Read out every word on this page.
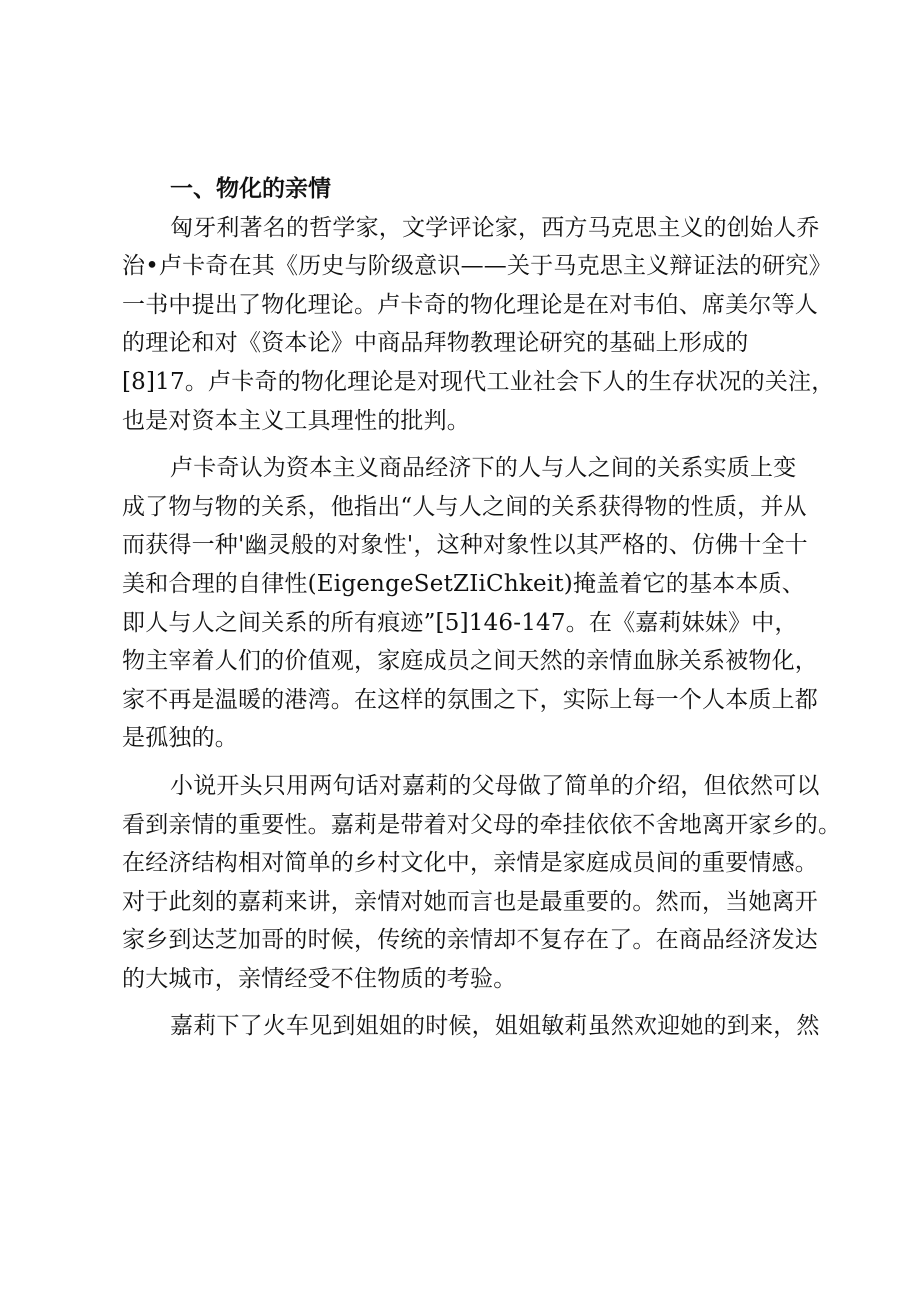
一、物化的亲情
匈牙利著名的哲学家，文学评论家，西方马克思主义的创始人乔
治•卢卡奇在其《历史与阶级意识——关于马克思主义辩证法的研究》
一书中提出了物化理论。卢卡奇的物化理论是在对韦伯、席美尔等人
的理论和对《资本论》中商品拜物教理论研究的基础上形成的
[8]17。卢卡奇的物化理论是对现代工业社会下人的生存状况的关注，
也是对资本主义工具理性的批判。
卢卡奇认为资本主义商品经济下的人与人之间的关系实质上变
成了物与物的关系，他指出“人与人之间的关系获得物的性质，并从
而获得一种'幽灵般的对象性'，这种对象性以其严格的、仿佛十全十
美和合理的自律性(EigengeSetZIiChkeit)掩盖着它的基本本质、
即人与人之间关系的所有痕迹”[5]146-147。在《嘉莉妹妹》中，
物主宰着人们的价值观，家庭成员之间天然的亲情血脉关系被物化，
家不再是温暖的港湾。在这样的氛围之下，实际上每一个人本质上都
是孤独的。
小说开头只用两句话对嘉莉的父母做了简单的介绍，但依然可以
看到亲情的重要性。嘉莉是带着对父母的牵挂依依不舍地离开家乡的。
在经济结构相对简单的乡村文化中，亲情是家庭成员间的重要情感。
对于此刻的嘉莉来讲，亲情对她而言也是最重要的。然而，当她离开
家乡到达芝加哥的时候，传统的亲情却不复存在了。在商品经济发达
的大城市，亲情经受不住物质的考验。
嘉莉下了火车见到姐姐的时候，姐姐敏莉虽然欢迎她的到来，然
